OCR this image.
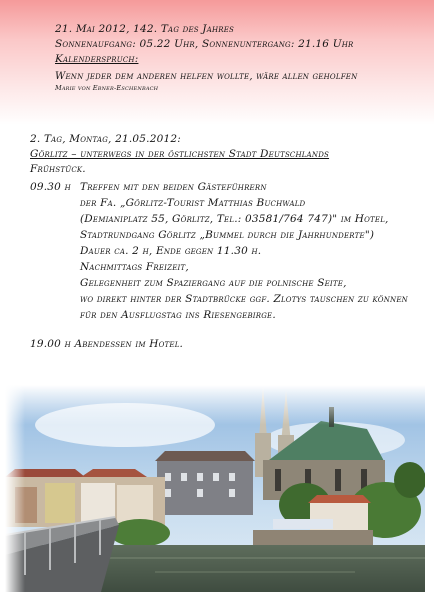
21. Mai 2012, 142. Tag des Jahres
Sonnenaufgang: 05.22 Uhr, Sonnenuntergang: 21.16 Uhr
Kalenderspruch:
Wenn jeder dem anderen helfen wollte, wäre allen geholfen
Marie von Ebner-Eschenbach
2. Tag, Montag, 21.05.2012:
Görlitz – unterwegs in der östlichsten Stadt Deutschlands
Frühstück.
09.30 h Treffen mit den beiden Gästeführern
der Fa. „Görlitz-Tourist Matthias Buchwald
(Demianiplatz 55, Görlitz, Tel.: 03581/764 747)" im Hotel,
Stadtrundgang Görlitz „Bummel durch die Jahrhunderte")
Dauer ca. 2 h, Ende gegen 11.30 h.
Nachmittags Freizeit,
Gelegenheit zum Spaziergang auf die polnische Seite,
wo direkt hinter der Stadtbrücke ggf. Zlotys tauschen zu können
für den Ausflugstag ins Riesengebirge.
19.00 h Abendessen im Hotel.
